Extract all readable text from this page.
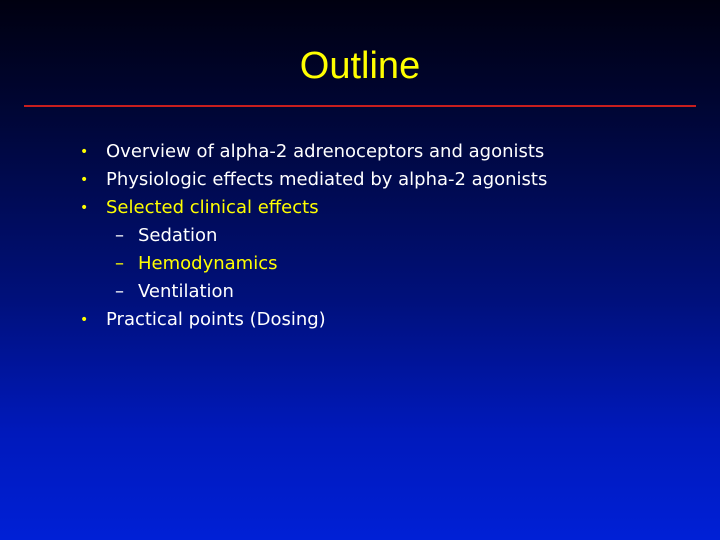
Outline
• Overview of alpha-2 adrenoceptors and agonists
• Physiologic effects mediated by alpha-2 agonists
• Selected clinical effects
– Sedation
– Hemodynamics
– Ventilation
• Practical points (Dosing)
